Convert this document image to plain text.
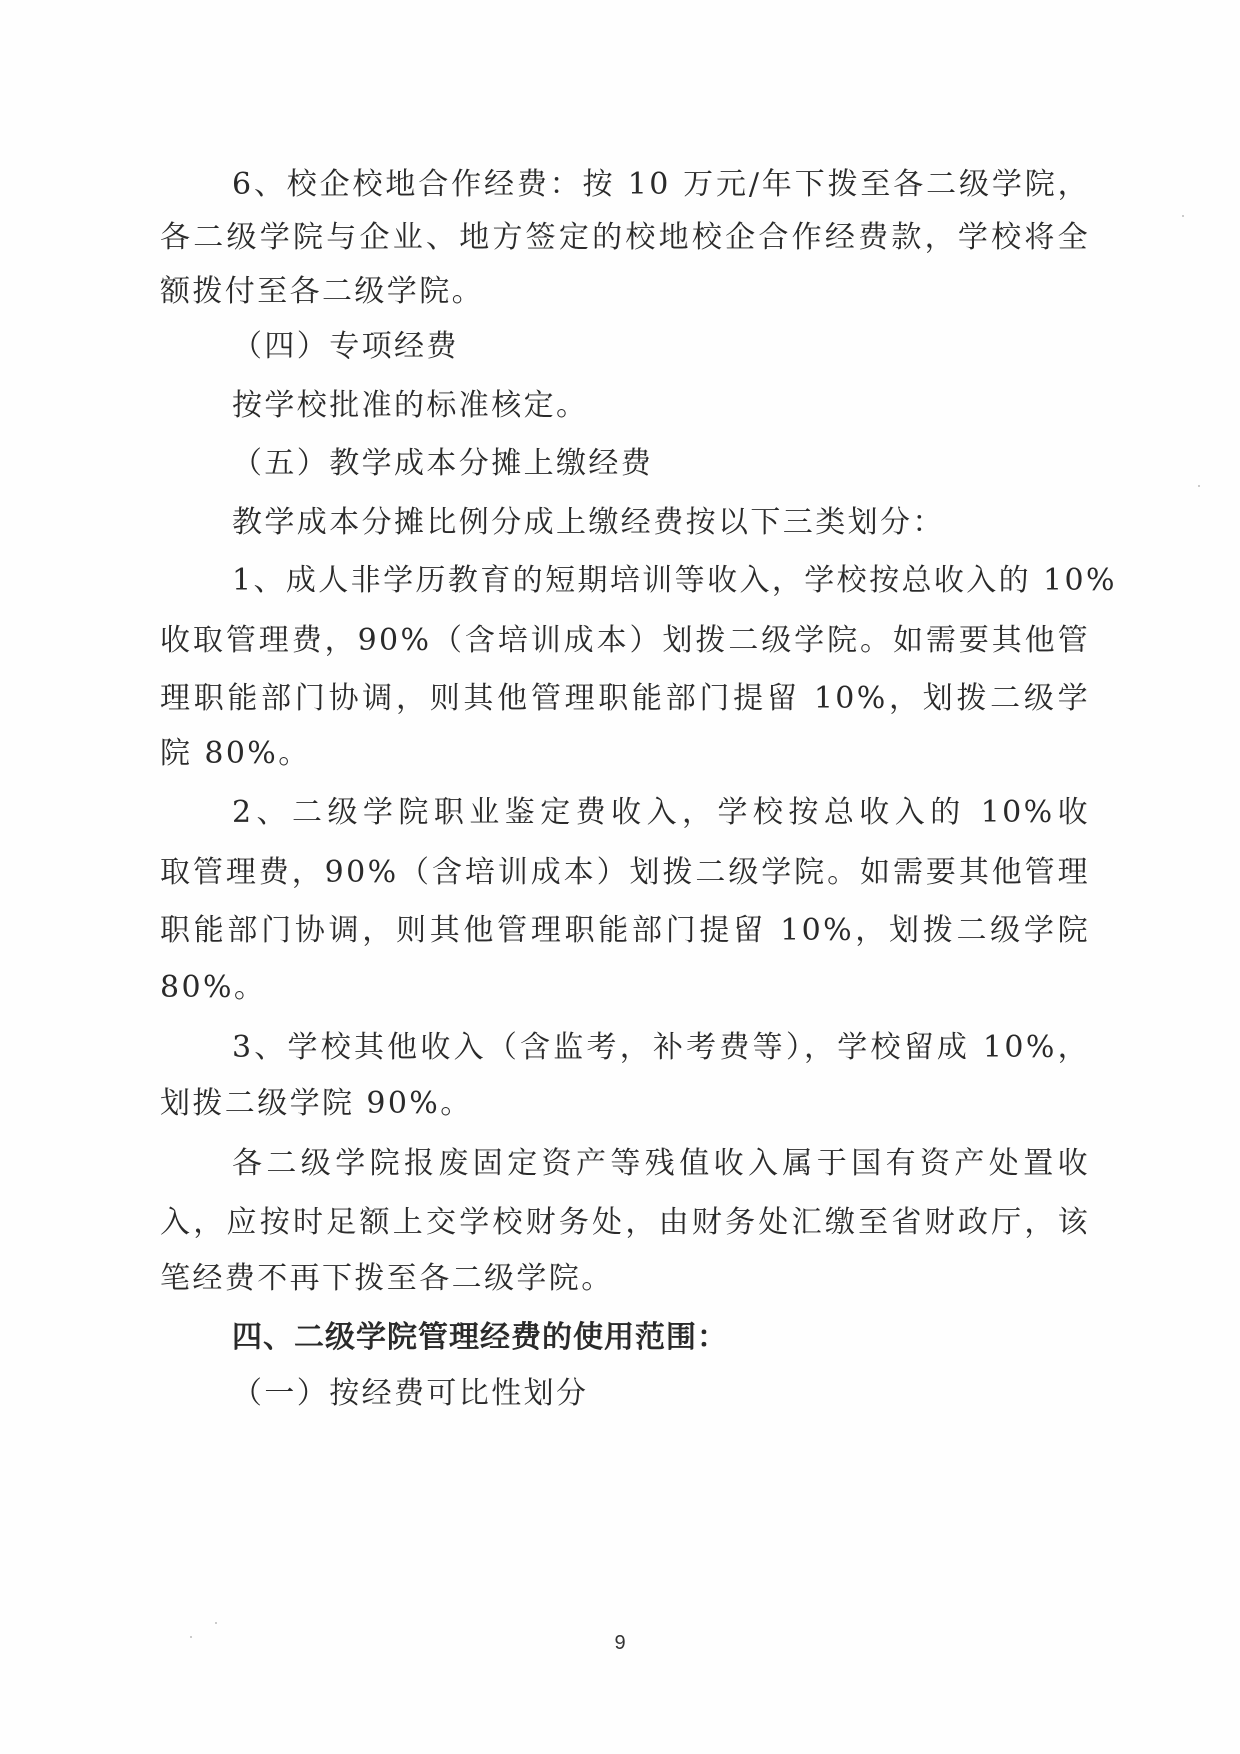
6、校企校地合作经费：按 10 万元/年下拨至各二级学院，
各二级学院与企业、地方签定的校地校企合作经费款，学校将全
额拨付至各二级学院。
（四）专项经费
按学校批准的标准核定。
（五）教学成本分摊上缴经费
教学成本分摊比例分成上缴经费按以下三类划分：
1、成人非学历教育的短期培训等收入，学校按总收入的 10%
收取管理费，90%（含培训成本）划拨二级学院。如需要其他管
理职能部门协调，则其他管理职能部门提留 10%，划拨二级学
院 80%。
2、二级学院职业鉴定费收入，学校按总收入的 10%收
取管理费，90%（含培训成本）划拨二级学院。如需要其他管理
职能部门协调，则其他管理职能部门提留 10%，划拨二级学院
80%。
3、学校其他收入（含监考，补考费等），学校留成 10%，
划拨二级学院 90%。
各二级学院报废固定资产等残值收入属于国有资产处置收
入，应按时足额上交学校财务处，由财务处汇缴至省财政厅，该
笔经费不再下拨至各二级学院。
四、二级学院管理经费的使用范围：
（一）按经费可比性划分
9
